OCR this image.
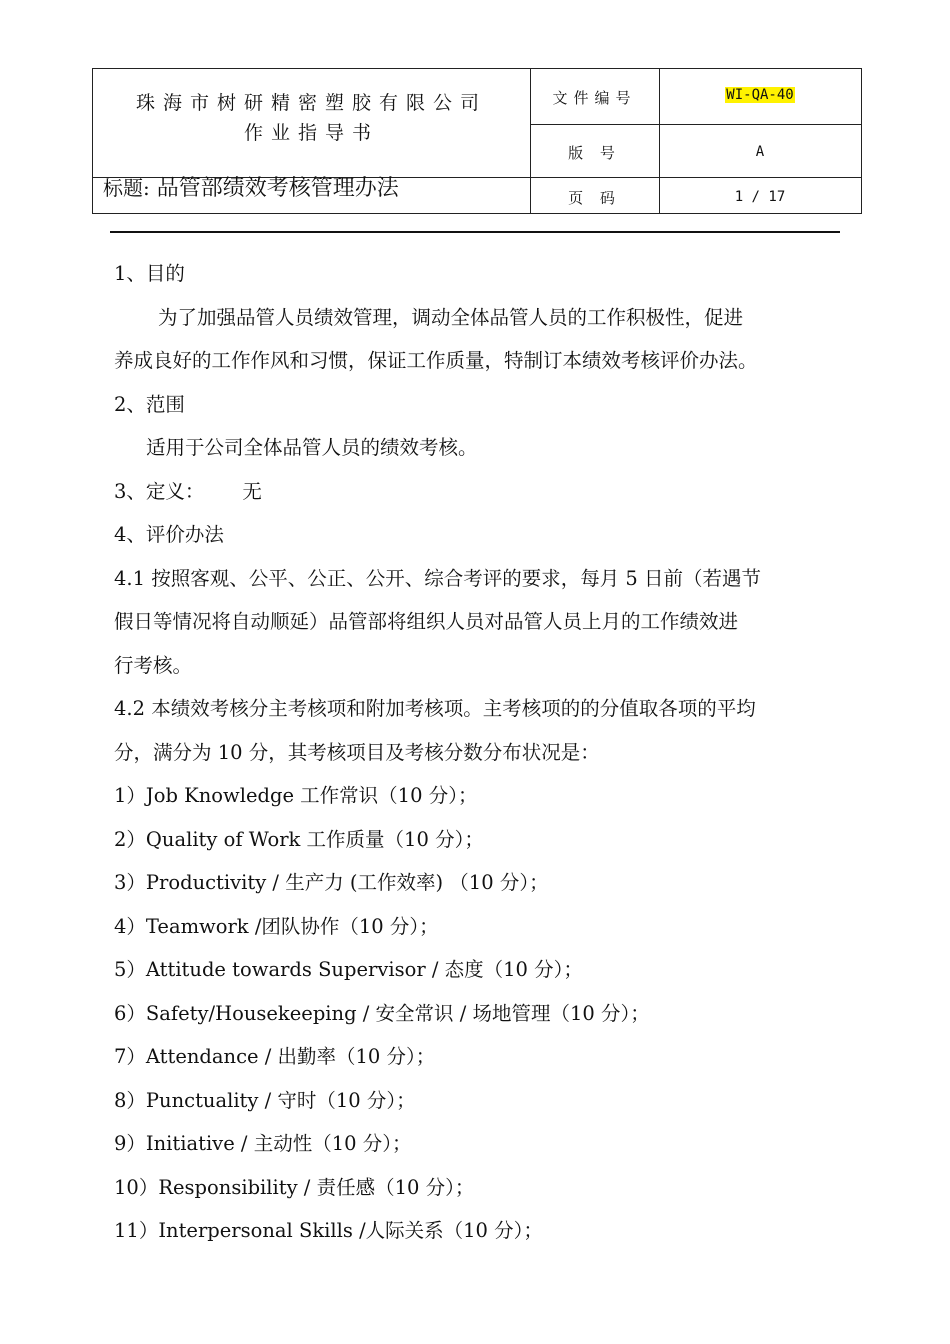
珠海市树研精密塑胶有限公司
作业指导书
标题: 品管部绩效考核管理办法
文件编号	WI-QA-40
版 号	A
页 码	1 / 17

1、目的

为了加强品管人员绩效管理，调动全体品管人员的工作积极性，促进

养成良好的工作作风和习惯，保证工作质量，特制订本绩效考核评价办法。

2、范围

适用于公司全体品管人员的绩效考核。

3、定义： 无

4、评价办法

4.1 按照客观、公平、公正、公开、综合考评的要求，每月 5 日前（若遇节

假日等情况将自动顺延）品管部将组织人员对品管人员上月的工作绩效进

行考核。

4.2 本绩效考核分主考核项和附加考核项。主考核项的的分值取各项的平均

分，满分为 10 分，其考核项目及考核分数分布状况是：

1）Job Knowledge 工作常识（10 分）；

2）Quality of Work 工作质量（10 分）；

3）Productivity / 生产力 (工作效率) （10 分）；

4）Teamwork /团队协作（10 分）；

5）Attitude towards Supervisor / 态度（10 分）；

6）Safety/Housekeeping / 安全常识 / 场地管理（10 分）；

7）Attendance / 出勤率（10 分）；

8）Punctuality / 守时（10 分）；

9）Initiative / 主动性（10 分）；

10）Responsibility / 责任感（10 分）；

11）Interpersonal Skills /人际关系（10 分）；
